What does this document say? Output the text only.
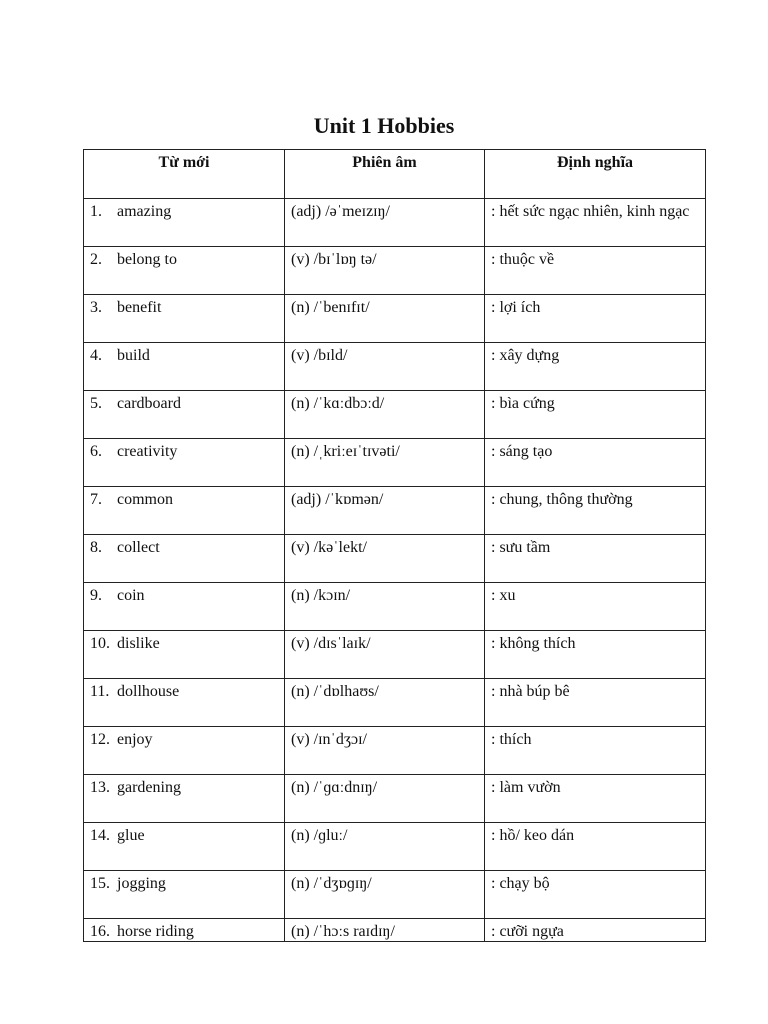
Unit 1 Hobbies
Từ mới	Phiên âm	Định nghĩa
1. amazing	(adj) /əˈmeɪzɪŋ/	: hết sức ngạc nhiên, kinh ngạc
2. belong to	(v) /bɪˈlɒŋ tə/	: thuộc về
3. benefit	(n) /ˈbenɪfɪt/	: lợi ích
4. build	(v) /bɪld/	: xây dựng
5. cardboard	(n) /ˈkɑːdbɔːd/	: bìa cứng
6. creativity	(n) /ˌkriːeɪˈtɪvəti/	: sáng tạo
7. common	(adj) /ˈkɒmən/	: chung, thông thường
8. collect	(v) /kəˈlekt/	: sưu tầm
9. coin	(n) /kɔɪn/	: xu
10. dislike	(v) /dɪsˈlaɪk/	: không thích
11. dollhouse	(n) /ˈdɒlhaʊs/	: nhà búp bê
12. enjoy	(v) /ɪnˈdʒɔɪ/	: thích
13. gardening	(n) /ˈɡɑːdnɪŋ/	: làm vườn
14. glue	(n) /ɡluː/	: hồ/ keo dán
15. jogging	(n) /ˈdʒɒɡɪŋ/	: chạy bộ
16. horse riding	(n) /ˈhɔːs raɪdɪŋ/	: cưỡi ngựa
